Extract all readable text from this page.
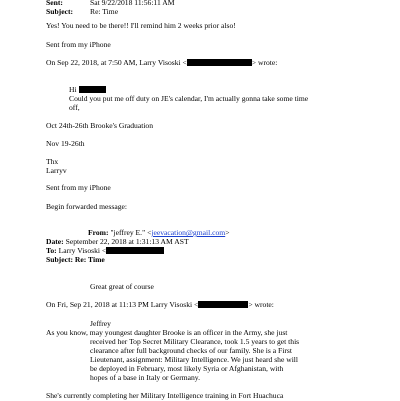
Sent:	Sat 9/22/2018 11:56:11 AM
Subject: Re: Time
Yes! You need to be there!! I'll remind him 2 weeks prior also!
Sent from my iPhone
On Sep 22, 2018, at 7:50 AM, Larry Visoski <	> wrote:
Hi
Could you put me off duty on JE's calendar, I'm actually gonna take some time
off,
Oct 24th-26th Brooke's Graduation
Nov 19-26th
Thx
Larryv
Sent from my iPhone
Begin forwarded message:
From: "jeffrey E." <jeevacation@gmail.com>
Date: September 22, 2018 at 1:31:13 AM AST
To: Larry Visoski <
Subject: Re: Time
Great great of course
On Fri, Sep 21, 2018 at 11:13 PM Larry Visoski <	> wrote:
Jeffrey
As you know, may youngest daughter Brooke is an officer in the Army, she just
received her Top Secret Military Clearance, took 1.5 years to get this
clearance after full background checks of our family. She is a First
Lieutenant, assignment: Military Intelligence. We just heard she will
be deployed in February, most likely Syria or Afghanistan, with
hopes of a base in Italy or Germany.
She's currently completing her Military Intelligence training in Fort Huachuca
